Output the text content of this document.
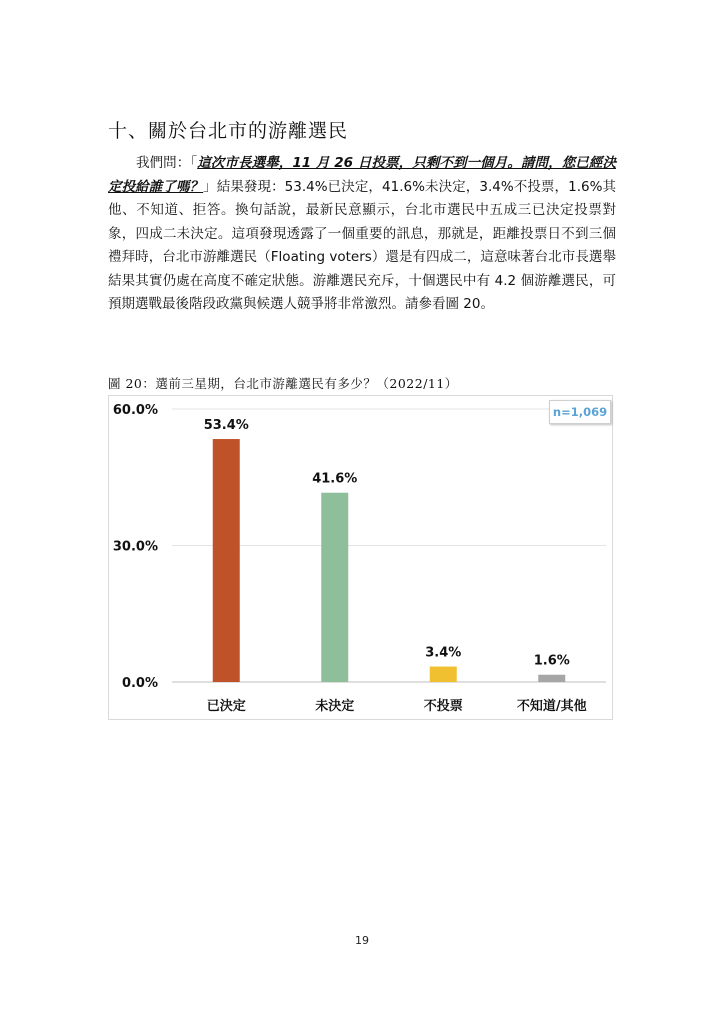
十、關於台北市的游離選民
我們問：「這次市長選舉，11 月 26 日投票，只剩不到一個月。請問，您已經決定投給誰了嗎？」結果發現：53.4%已決定，41.6%未決定，3.4%不投票，1.6%其他、不知道、拒答。換句話說，最新民意顯示，台北市選民中五成三已決定投票對象，四成二未決定。這項發現透露了一個重要的訊息，那就是，距離投票日不到三個禮拜時，台北市游離選民（Floating voters）還是有四成二，這意味著台北市長選舉結果其實仍處在高度不確定狀態。游離選民充斥，十個選民中有 4.2 個游離選民，可預期選戰最後階段政黨與候選人競爭將非常激烈。請參看圖 20。
圖 20：選前三星期，台北市游離選民有多少？（2022/11）
0.0%
30.0%
60.0%
53.4%
已決定
41.6%
未決定
3.4%
不投票
1.6%
不知道/其他
n=1,069
19
